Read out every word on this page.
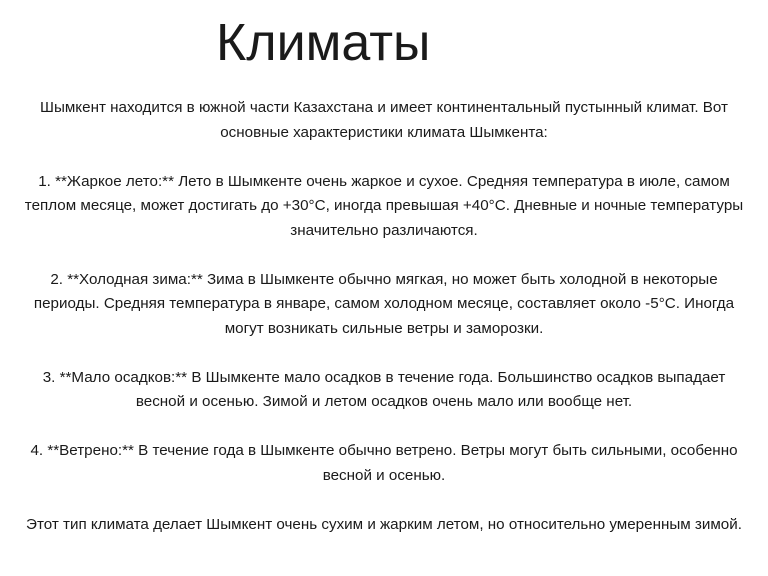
Климаты

Шымкент находится в южной части Казахстана и имеет континентальный пустынный климат. Вот основные характеристики климата Шымкента:

1. **Жаркое лето:** Лето в Шымкенте очень жаркое и сухое. Средняя температура в июле, самом теплом месяце, может достигать до +30°C, иногда превышая +40°C. Дневные и ночные температуры значительно различаются.

2. **Холодная зима:** Зима в Шымкенте обычно мягкая, но может быть холодной в некоторые периоды. Средняя температура в январе, самом холодном месяце, составляет около -5°C. Иногда могут возникать сильные ветры и заморозки.

3. **Мало осадков:** В Шымкенте мало осадков в течение года. Большинство осадков выпадает весной и осенью. Зимой и летом осадков очень мало или вообще нет.

4. **Ветрено:** В течение года в Шымкенте обычно ветрено. Ветры могут быть сильными, особенно весной и осенью.

Этот тип климата делает Шымкент очень сухим и жарким летом, но относительно умеренным зимой.
